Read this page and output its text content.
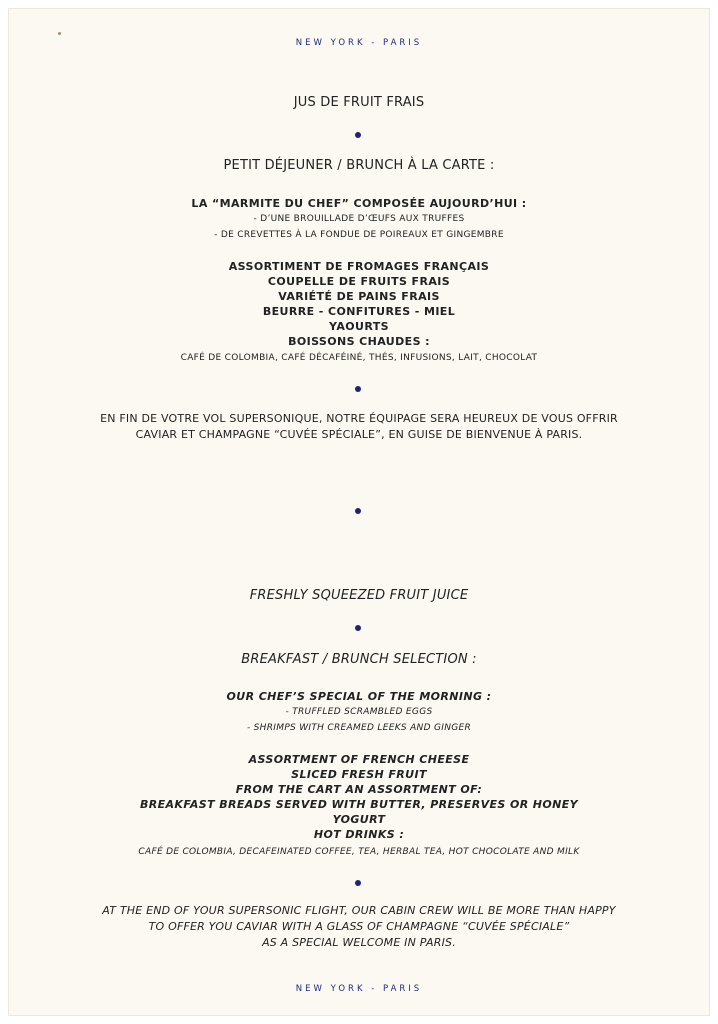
NEW YORK - PARIS
JUS DE FRUIT FRAIS
PETIT DÉJEUNER / BRUNCH À LA CARTE :
LA “MARMITE DU CHEF” COMPOSÉE AUJOURD’HUI :
- D’UNE BROUILLADE D’ŒUFS AUX TRUFFES
- DE CREVETTES À LA FONDUE DE POIREAUX ET GINGEMBRE
ASSORTIMENT DE FROMAGES FRANÇAIS
COUPELLE DE FRUITS FRAIS
VARIÉTÉ DE PAINS FRAIS
BEURRE - CONFITURES - MIEL
YAOURTS
BOISSONS CHAUDES :
CAFÉ DE COLOMBIA, CAFÉ DÉCAFÉINÉ, THÉS, INFUSIONS, LAIT, CHOCOLAT
EN FIN DE VOTRE VOL SUPERSONIQUE, NOTRE ÉQUIPAGE SERA HEUREUX DE VOUS OFFRIR
CAVIAR ET CHAMPAGNE “CUVÉE SPÉCIALE”, EN GUISE DE BIENVENUE À PARIS.
FRESHLY SQUEEZED FRUIT JUICE
BREAKFAST / BRUNCH SELECTION :
OUR CHEF’S SPECIAL OF THE MORNING :
- TRUFFLED SCRAMBLED EGGS
- SHRIMPS WITH CREAMED LEEKS AND GINGER
ASSORTMENT OF FRENCH CHEESE
SLICED FRESH FRUIT
FROM THE CART AN ASSORTMENT OF:
BREAKFAST BREADS SERVED WITH BUTTER, PRESERVES OR HONEY
YOGURT
HOT DRINKS :
CAFÉ DE COLOMBIA, DECAFEINATED COFFEE, TEA, HERBAL TEA, HOT CHOCOLATE AND MILK
AT THE END OF YOUR SUPERSONIC FLIGHT, OUR CABIN CREW WILL BE MORE THAN HAPPY
TO OFFER YOU CAVIAR WITH A GLASS OF CHAMPAGNE “CUVÉE SPÉCIALE”
AS A SPECIAL WELCOME IN PARIS.
NEW YORK - PARIS
